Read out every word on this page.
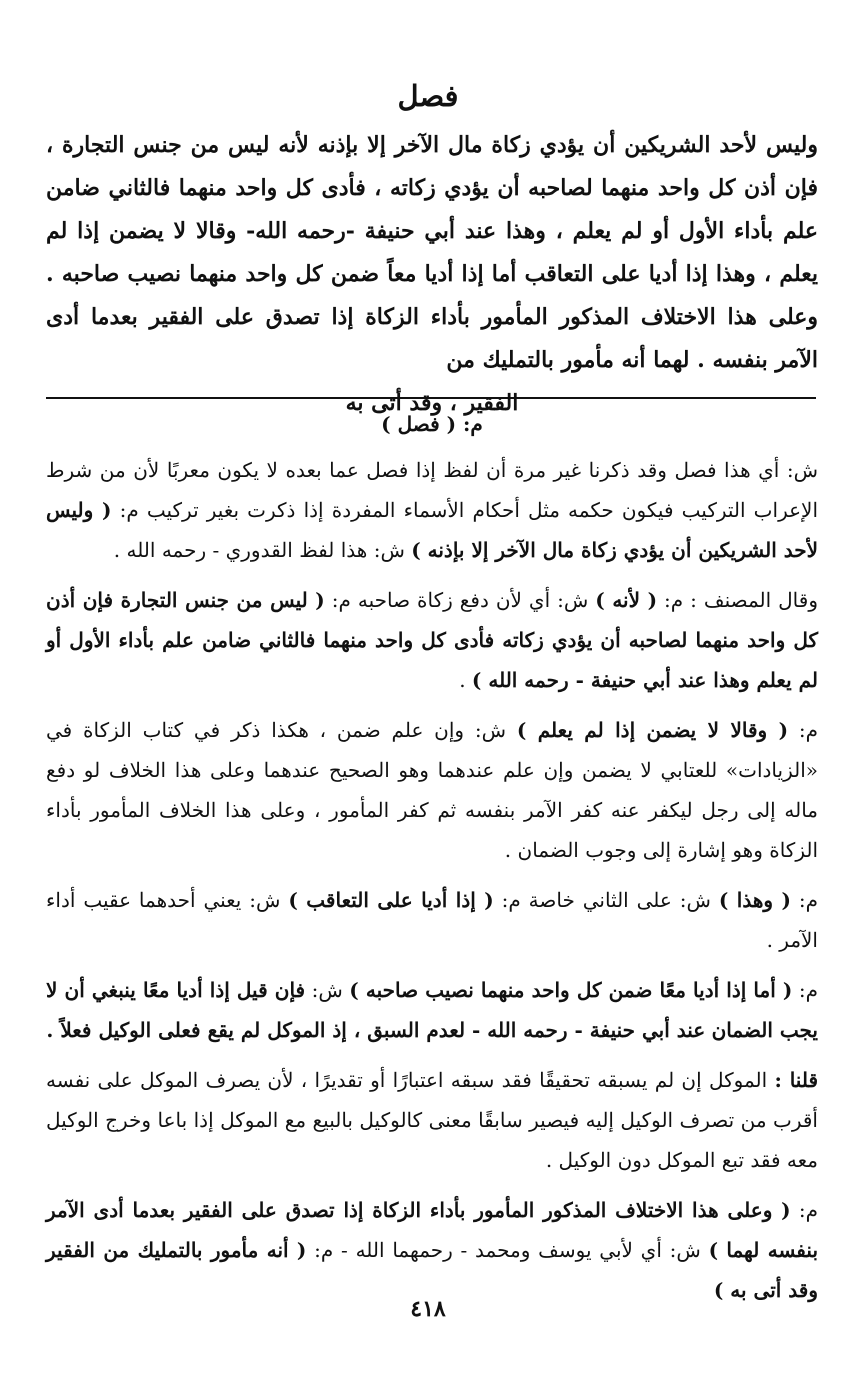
فصل
وليس لأحد الشريكين أن يؤدي زكاة مال الآخر إلا بإذنه لأنه ليس من جنس التجارة ، فإن أذن كل واحد منهما لصاحبه أن يؤدي زكاته ، فأدى كل واحد منهما فالثاني ضامن علم بأداء الأول أو لم يعلم ، وهذا عند أبي حنيفة -رحمه الله- وقالا لا يضمن إذا لم يعلم ، وهذا إذا أديا على التعاقب أما إذا أديا معاً ضمن كل واحد منهما نصيب صاحبه . وعلى هذا الاختلاف المذكور المأمور بأداء الزكاة إذا تصدق على الفقير بعدما أدى الآمر بنفسه . لهما أنه مأمور بالتمليك من
الفقير ، وقد أتى به

م: ( فصل )

ش: أي هذا فصل وقد ذكرنا غير مرة أن لفظ إذا فصل عما بعده لا يكون معربًا لأن من شرط الإعراب التركيب فيكون حكمه مثل أحكام الأسماء المفردة إذا ذكرت بغير تركيب م: ( وليس لأحد الشريكين أن يؤدي زكاة مال الآخر إلا بإذنه ) ش: هذا لفظ القدوري - رحمه الله .

وقال المصنف : م: ( لأنه ) ش: أي لأن دفع زكاة صاحبه م: ( ليس من جنس التجارة فإن أذن كل واحد منهما لصاحبه أن يؤدي زكاته فأدى كل واحد منهما فالثاني ضامن علم بأداء الأول أو لم يعلم وهذا عند أبي حنيفة - رحمه الله ) .

م: ( وقالا لا يضمن إذا لم يعلم ) ش: وإن علم ضمن ، هكذا ذكر في كتاب الزكاة في «الزيادات» للعتابي لا يضمن وإن علم عندهما وهو الصحيح عندهما وعلى هذا الخلاف لو دفع ماله إلى رجل ليكفر عنه كفر الآمر بنفسه ثم كفر المأمور ، وعلى هذا الخلاف المأمور بأداء الزكاة وهو إشارة إلى وجوب الضمان .

م: ( وهذا ) ش: على الثاني خاصة م: ( إذا أديا على التعاقب ) ش: يعني أحدهما عقيب أداء الآمر .

م: ( أما إذا أديا معًا ضمن كل واحد منهما نصيب صاحبه ) ش: فإن قيل إذا أديا معًا ينبغي أن لا يجب الضمان عند أبي حنيفة - رحمه الله - لعدم السبق ، إذ الموكل لم يقع فعلى الوكيل فعلاً .

قلنا : الموكل إن لم يسبقه تحقيقًا فقد سبقه اعتبارًا أو تقديرًا ، لأن يصرف الموكل على نفسه أقرب من تصرف الوكيل إليه فيصير سابقًا معنى كالوكيل بالبيع مع الموكل إذا باعا وخرج الوكيل معه فقد تبع الموكل دون الوكيل .

م: ( وعلى هذا الاختلاف المذكور المأمور بأداء الزكاة إذا تصدق على الفقير بعدما أدى الآمر بنفسه لهما ) ش: أي لأبي يوسف ومحمد - رحمهما الله - م: ( أنه مأمور بالتمليك من الفقير وقد أتى به )

٤١٨
